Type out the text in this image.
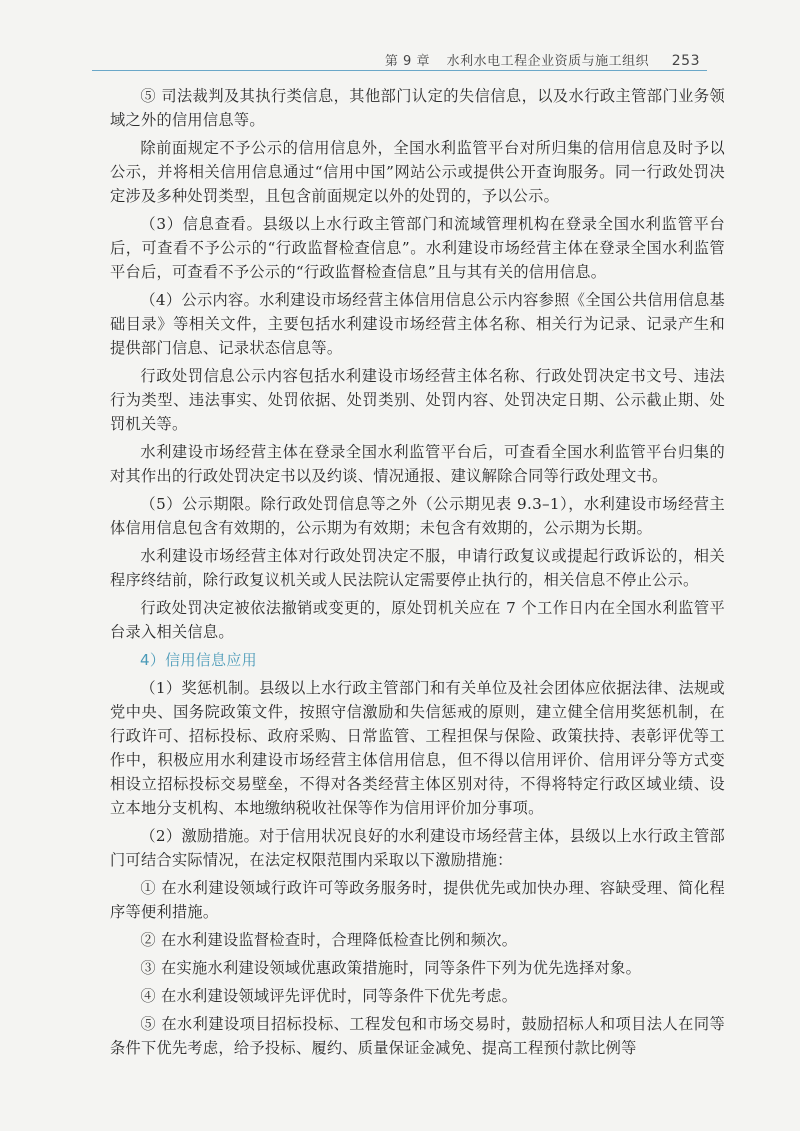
第 9 章 水利水电工程企业资质与施工组织 253

⑤ 司法裁判及其执行类信息，其他部门认定的失信信息，以及水行政主管部门业务领域之外的信用信息等。

除前面规定不予公示的信用信息外，全国水利监管平台对所归集的信用信息及时予以公示，并将相关信用信息通过“信用中国”网站公示或提供公开查询服务。同一行政处罚决定涉及多种处罚类型，且包含前面规定以外的处罚的，予以公示。

（3）信息查看。县级以上水行政主管部门和流域管理机构在登录全国水利监管平台后，可查看不予公示的“行政监督检查信息”。水利建设市场经营主体在登录全国水利监管平台后，可查看不予公示的“行政监督检查信息”且与其有关的信用信息。

（4）公示内容。水利建设市场经营主体信用信息公示内容参照《全国公共信用信息基础目录》等相关文件，主要包括水利建设市场经营主体名称、相关行为记录、记录产生和提供部门信息、记录状态信息等。

行政处罚信息公示内容包括水利建设市场经营主体名称、行政处罚决定书文号、违法行为类型、违法事实、处罚依据、处罚类别、处罚内容、处罚决定日期、公示截止期、处罚机关等。

水利建设市场经营主体在登录全国水利监管平台后，可查看全国水利监管平台归集的对其作出的行政处罚决定书以及约谈、情况通报、建议解除合同等行政处理文书。

（5）公示期限。除行政处罚信息等之外（公示期见表 9.3–1），水利建设市场经营主体信用信息包含有效期的，公示期为有效期；未包含有效期的，公示期为长期。

水利建设市场经营主体对行政处罚决定不服，申请行政复议或提起行政诉讼的，相关程序终结前，除行政复议机关或人民法院认定需要停止执行的，相关信息不停止公示。

行政处罚决定被依法撤销或变更的，原处罚机关应在 7 个工作日内在全国水利监管平台录入相关信息。

4）信用信息应用

（1）奖惩机制。县级以上水行政主管部门和有关单位及社会团体应依据法律、法规或党中央、国务院政策文件，按照守信激励和失信惩戒的原则，建立健全信用奖惩机制，在行政许可、招标投标、政府采购、日常监管、工程担保与保险、政策扶持、表彰评优等工作中，积极应用水利建设市场经营主体信用信息，但不得以信用评价、信用评分等方式变相设立招标投标交易壁垒，不得对各类经营主体区别对待，不得将特定行政区域业绩、设立本地分支机构、本地缴纳税收社保等作为信用评价加分事项。

（2）激励措施。对于信用状况良好的水利建设市场经营主体，县级以上水行政主管部门可结合实际情况，在法定权限范围内采取以下激励措施：

① 在水利建设领域行政许可等政务服务时，提供优先或加快办理、容缺受理、简化程序等便利措施。

② 在水利建设监督检查时，合理降低检查比例和频次。

③ 在实施水利建设领域优惠政策措施时，同等条件下列为优先选择对象。

④ 在水利建设领域评先评优时，同等条件下优先考虑。

⑤ 在水利建设项目招标投标、工程发包和市场交易时，鼓励招标人和项目法人在同等条件下优先考虑，给予投标、履约、质量保证金减免、提高工程预付款比例等
